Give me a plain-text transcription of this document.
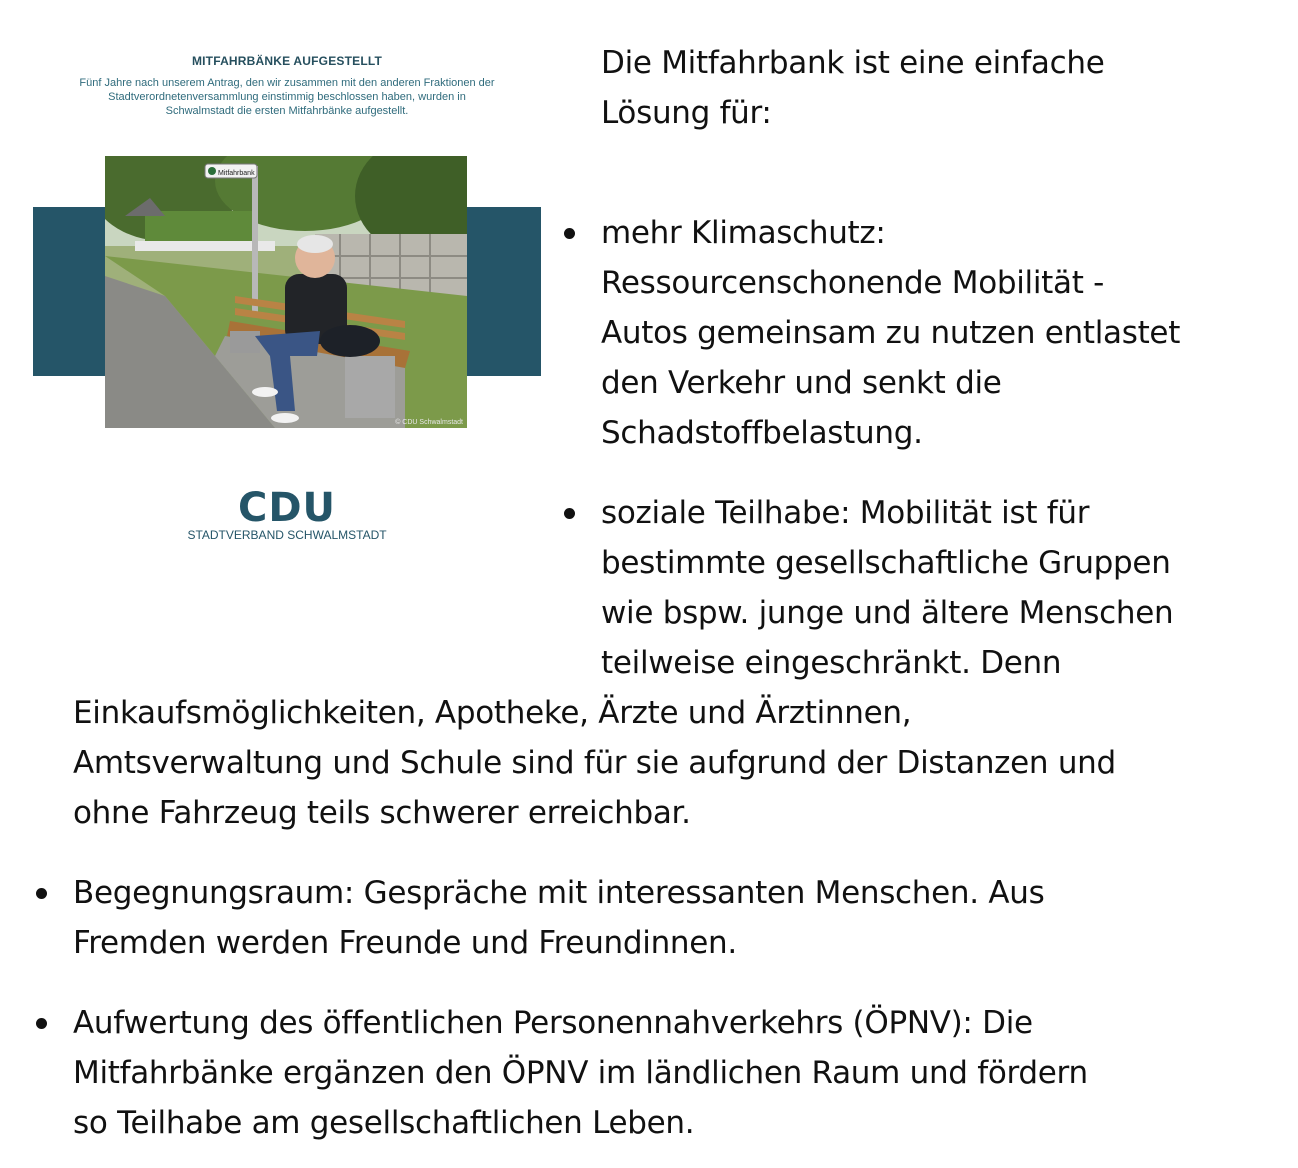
MITFAHRBÄNKE AUFGESTELLT
Fünf Jahre nach unserem Antrag, den wir zusammen mit den anderen Fraktionen der Stadtverordnetenversammlung einstimmig beschlossen haben, wurden in Schwalmstadt die ersten Mitfahrbänke aufgestellt.
Mitfahrbank
© CDU Schwalmstadt
CDU
STADTVERBAND SCHWALMSTADT
Die Mitfahrbank ist eine einfache
Lösung für:
mehr Klimaschutz:
Ressourcenschonende Mobilität -
Autos gemeinsam zu nutzen entlastet
den Verkehr und senkt die
Schadstoffbelastung.
soziale Teilhabe: Mobilität ist für
bestimmte gesellschaftliche Gruppen
wie bspw. junge und ältere Menschen
teilweise eingeschränkt. Denn
Einkaufsmöglichkeiten, Apotheke, Ärzte und Ärztinnen,
Amtsverwaltung und Schule sind für sie aufgrund der Distanzen und
ohne Fahrzeug teils schwerer erreichbar.
Begegnungsraum: Gespräche mit interessanten Menschen. Aus
Fremden werden Freunde und Freundinnen.
Aufwertung des öffentlichen Personennahverkehrs (ÖPNV): Die
Mitfahrbänke ergänzen den ÖPNV im ländlichen Raum und fördern
so Teilhabe am gesellschaftlichen Leben.
